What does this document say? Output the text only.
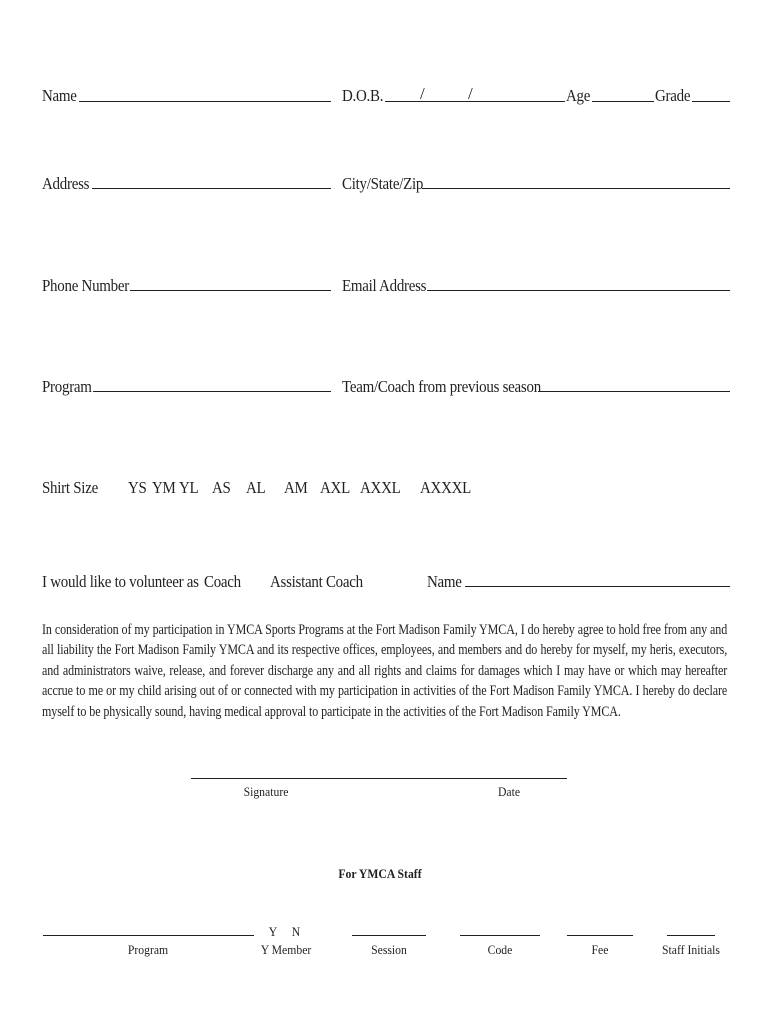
Name	D.O.B. /	/	Age	Grade
Address	City/State/Zip
Phone Number	Email Address
Program	Team/Coach from previous season
Shirt Size YS YM YL AS AL AM AXL AXXL AXXXL
I would like to volunteer as Coach Assistant Coach	Name
In consideration of my participation in YMCA Sports Programs at the Fort Madison Family YMCA, I do hereby agree to hold free from any and all liability the Fort Madison Family YMCA and its respective offices, employees, and members and do hereby for myself, my heris, executors, and administrators waive, release, and forever discharge any and all rights and claims for damages which I may have or which may hereafter accrue to me or my child arising out of or connected with my participation in activities of the Fort Madison Family YMCA. I hereby do declare myself to be physically sound, having medical approval to participate in the activities of the Fort Madison Family YMCA.
Signature	Date
For YMCA Staff
Y N
Program	Y Member	Session	Code	Fee	Staff Initials
